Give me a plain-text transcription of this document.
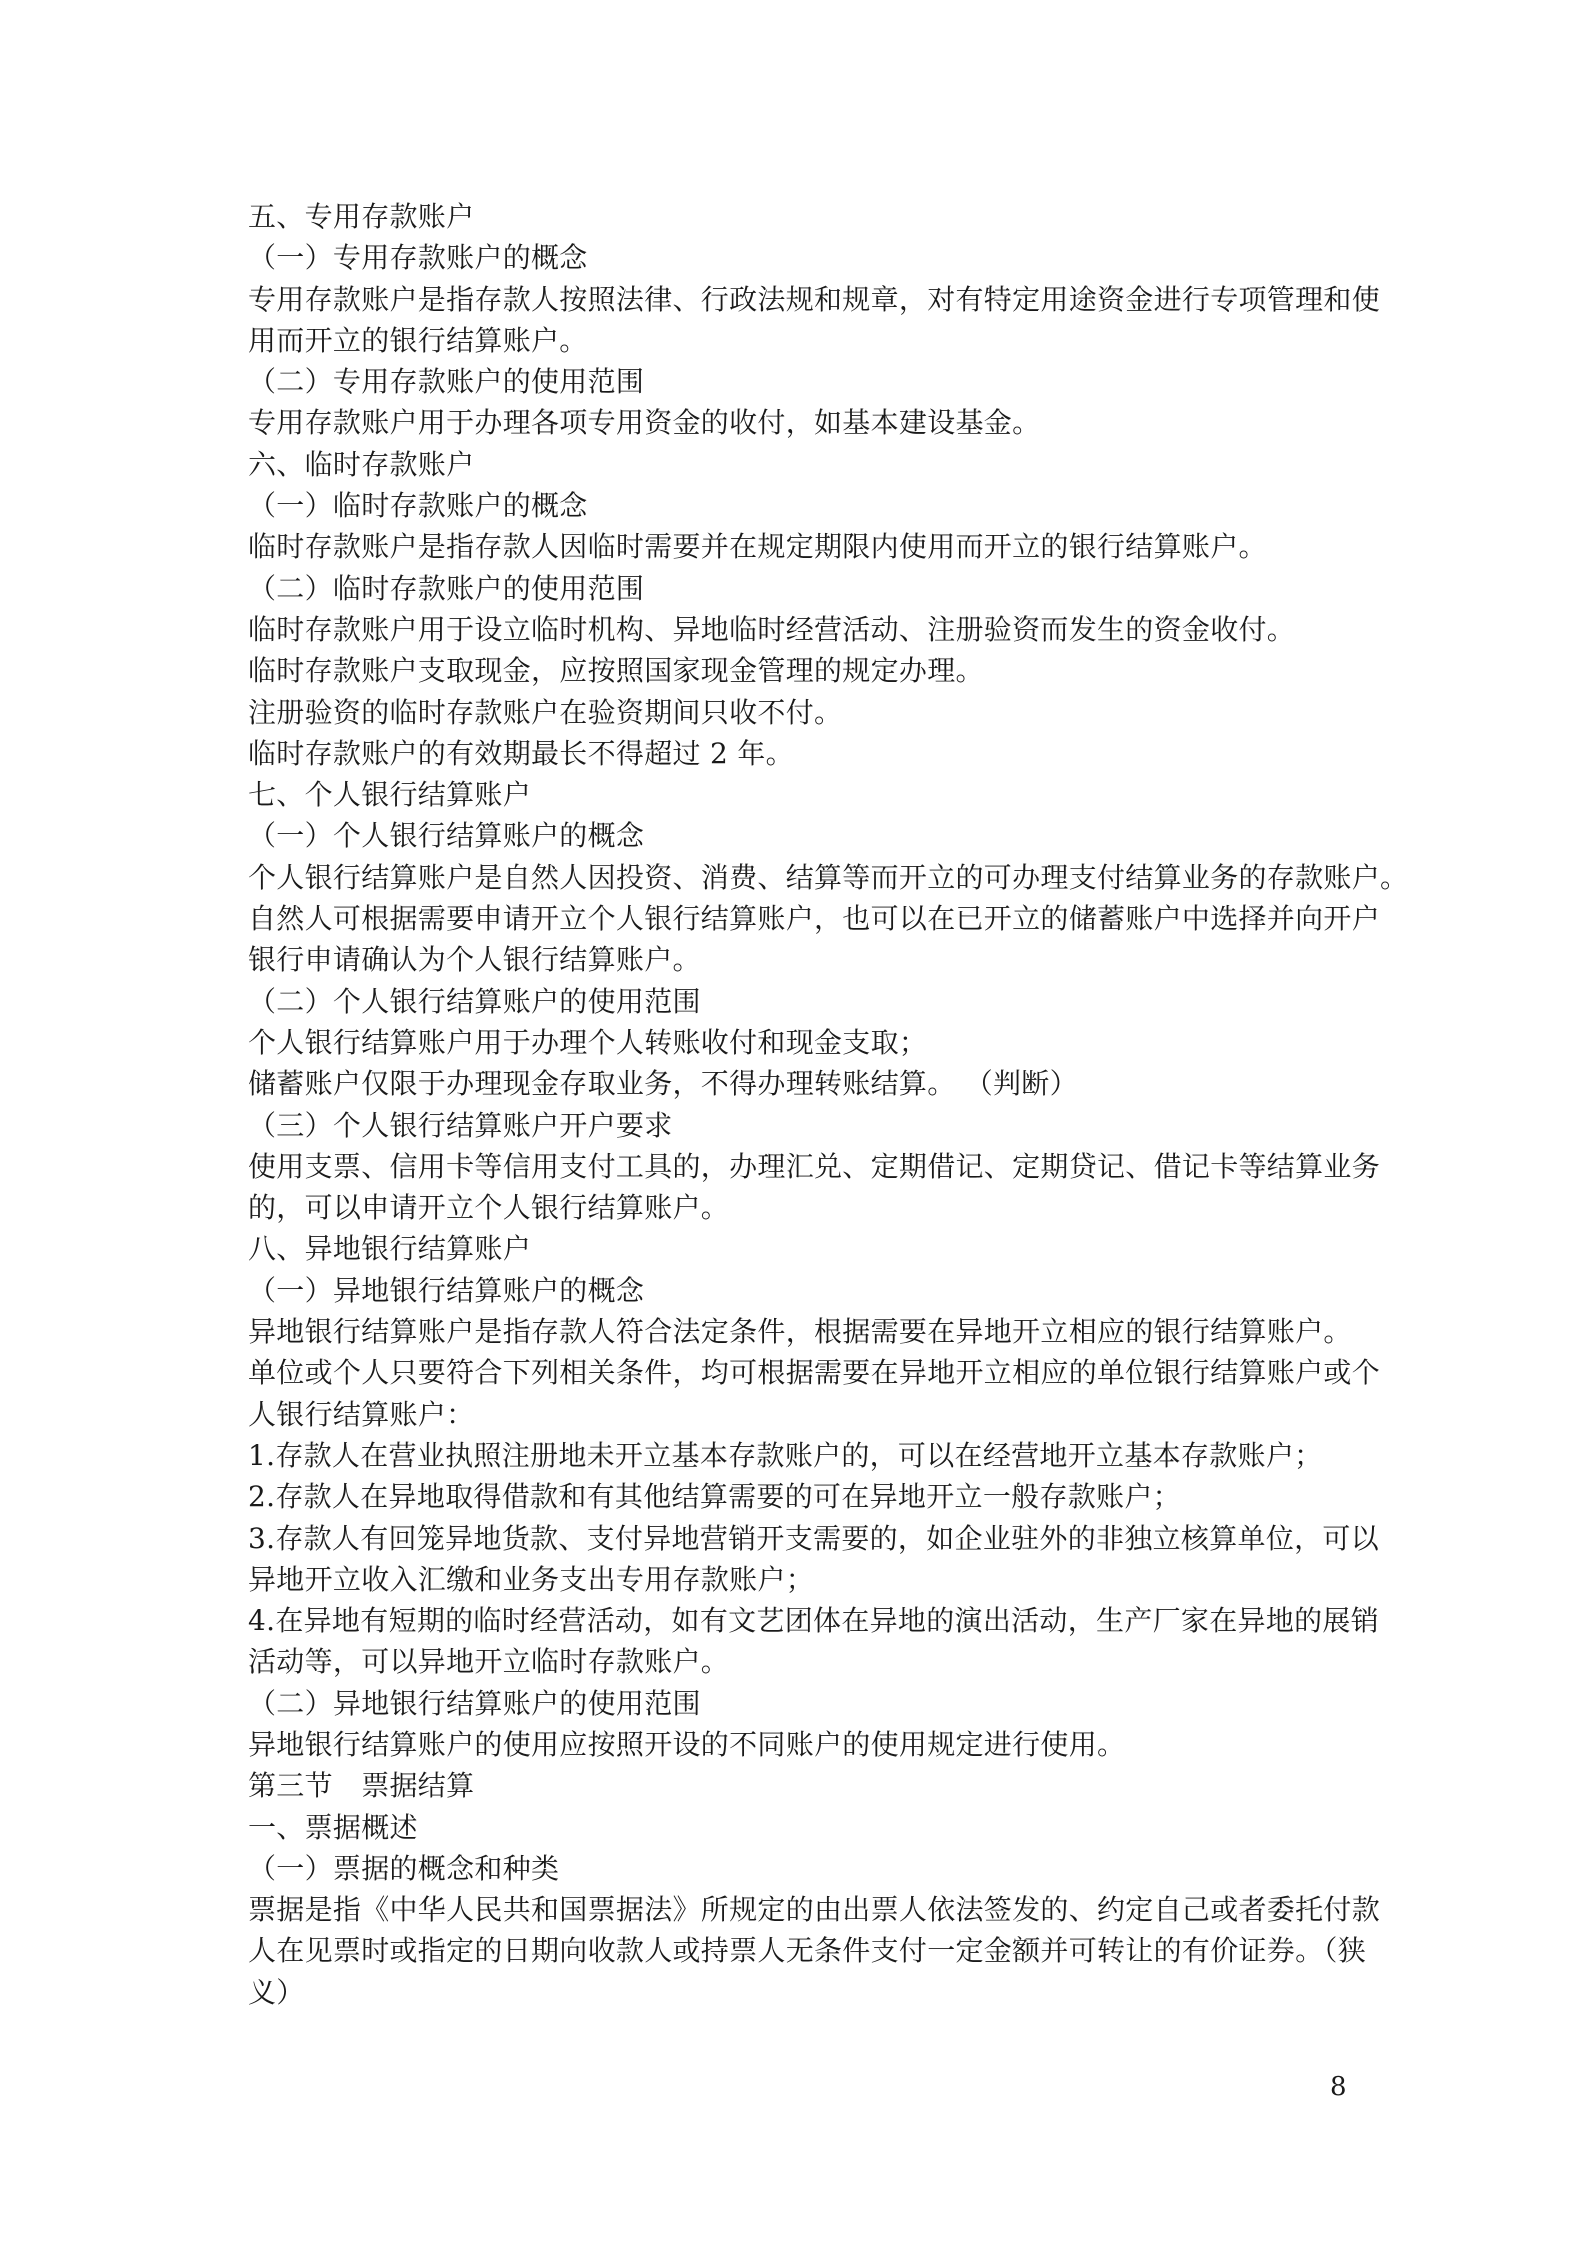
五、专用存款账户

（一）专用存款账户的概念

专用存款账户是指存款人按照法律、行政法规和规章，对有特定用途资金进行专项管理和使

用而开立的银行结算账户。

（二）专用存款账户的使用范围

专用存款账户用于办理各项专用资金的收付，如基本建设基金。

六、临时存款账户

（一）临时存款账户的概念

临时存款账户是指存款人因临时需要并在规定期限内使用而开立的银行结算账户。

（二）临时存款账户的使用范围

临时存款账户用于设立临时机构、异地临时经营活动、注册验资而发生的资金收付。

临时存款账户支取现金，应按照国家现金管理的规定办理。

注册验资的临时存款账户在验资期间只收不付。

临时存款账户的有效期最长不得超过 2 年。

七、个人银行结算账户

（一）个人银行结算账户的概念

个人银行结算账户是自然人因投资、消费、结算等而开立的可办理支付结算业务的存款账户。

自然人可根据需要申请开立个人银行结算账户，也可以在已开立的储蓄账户中选择并向开户

银行申请确认为个人银行结算账户。

（二）个人银行结算账户的使用范围

个人银行结算账户用于办理个人转账收付和现金支取；

储蓄账户仅限于办理现金存取业务，不得办理转账结算。 （判断）

（三）个人银行结算账户开户要求

使用支票、信用卡等信用支付工具的，办理汇兑、定期借记、定期贷记、借记卡等结算业务

的，可以申请开立个人银行结算账户。

八、异地银行结算账户

（一）异地银行结算账户的概念

异地银行结算账户是指存款人符合法定条件，根据需要在异地开立相应的银行结算账户。

单位或个人只要符合下列相关条件，均可根据需要在异地开立相应的单位银行结算账户或个

人银行结算账户：

1.存款人在营业执照注册地未开立基本存款账户的，可以在经营地开立基本存款账户；

2.存款人在异地取得借款和有其他结算需要的可在异地开立一般存款账户；

3.存款人有回笼异地货款、支付异地营销开支需要的，如企业驻外的非独立核算单位，可以

异地开立收入汇缴和业务支出专用存款账户；

4.在异地有短期的临时经营活动，如有文艺团体在异地的演出活动，生产厂家在异地的展销

活动等，可以异地开立临时存款账户。

（二）异地银行结算账户的使用范围

异地银行结算账户的使用应按照开设的不同账户的使用规定进行使用。

第三节　票据结算

一、票据概述

（一）票据的概念和种类

票据是指《中华人民共和国票据法》所规定的由出票人依法签发的、约定自己或者委托付款

人在见票时或指定的日期向收款人或持票人无条件支付一定金额并可转让的有价证券。（狭

义）

8
